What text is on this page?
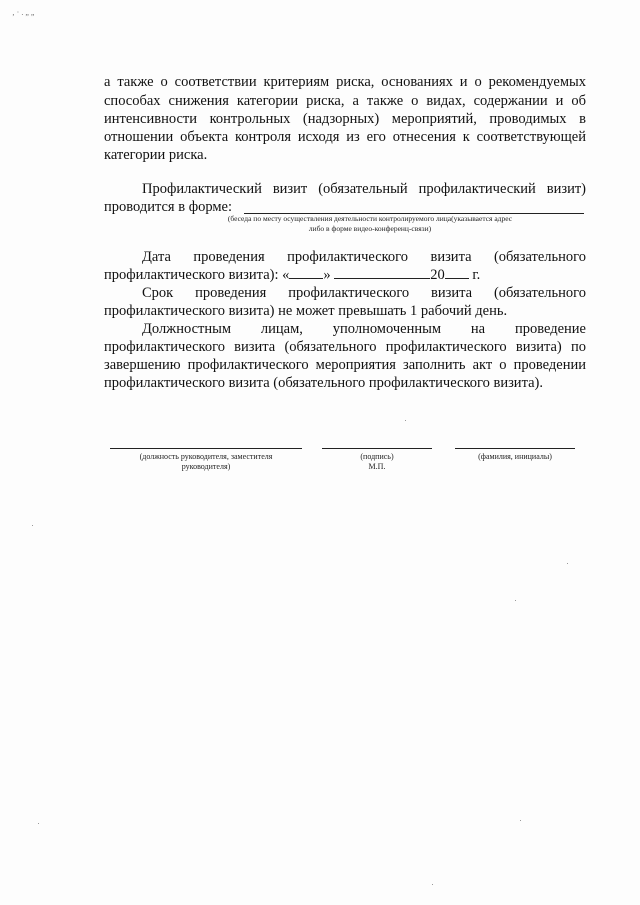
‚ · . „ „

а также о соответствии критериям риска, основаниях и о рекомендуемых

способах снижения категории риска, а также о видах, содержании и об

интенсивности контрольных (надзорных) мероприятий, проводимых в

отношении объекта контроля исходя из его отнесения к соответствующей

категории риска.

Профилактический визит (обязательный профилактический визит)

проводится в форме:

(беседа по месту осуществления деятельности контролируемого лица(указывается адрес
либо в форме видео-конференц-связи)

Дата проведения профилактического визита (обязательного

профилактического визита): « »	20 г.

Срок проведения профилактического визита (обязательного

профилактического визита) не может превышать 1 рабочий день.

Должностным лицам, уполномоченным на проведение

профилактического визита (обязательного профилактического визита) по

завершению профилактического мероприятия заполнить акт о проведении

профилактического визита (обязательного профилактического визита).

(должность руководителя, заместителя
руководителя)
(подпись)
М.П.
(фамилия, инициалы)
